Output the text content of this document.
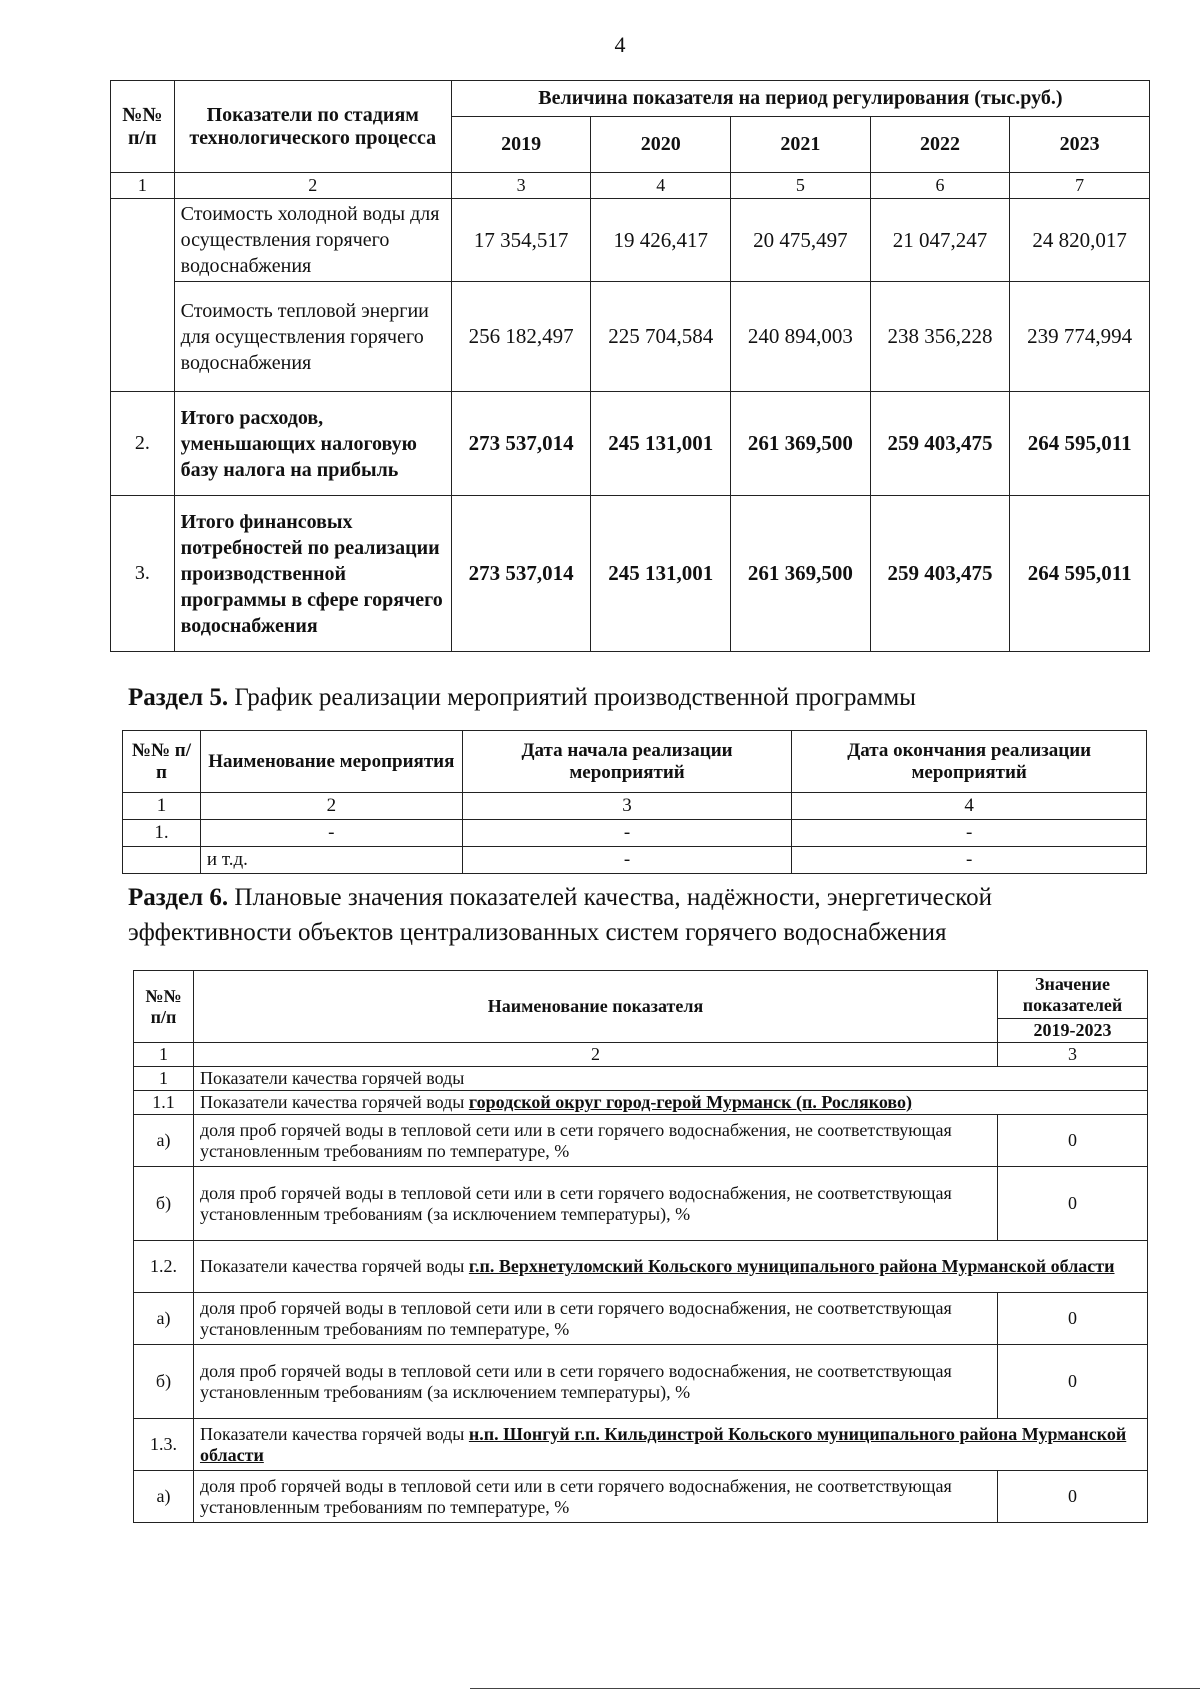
4
№№ п/п	Показатели по стадиям технологического процесса	Величина показателя на период регулирования (тыс.руб.)				
		2019	2020	2021	2022	2023
1	2	3	4	5	6	7
	Стоимость холодной воды для осуществления горячего водоснабжения	17 354,517	19 426,417	20 475,497	21 047,247	24 820,017
	Стоимость тепловой энергии для осуществления горячего водоснабжения	256 182,497	225 704,584	240 894,003	238 356,228	239 774,994
2.	Итого расходов, уменьшающих налоговую базу налога на прибыль	273 537,014	245 131,001	261 369,500	259 403,475	264 595,011
3.	Итого финансовых потребностей по реализации производственной программы в сфере горячего водоснабжения	273 537,014	245 131,001	261 369,500	259 403,475	264 595,011
Раздел 5. График реализации мероприятий производственной программы
№№ п/п	Наименование мероприятия	Дата начала реализации мероприятий	Дата окончания реализации мероприятий
1	2	3	4
1.	-	-	-
	и т.д.	-	-
Раздел 6. Плановые значения показателей качества, надёжности, энергетической эффективности объектов централизованных систем горячего водоснабжения
№№ п/п	Наименование показателя	Значение показателей
		2019-2023
1	2	3
1	Показатели качества горячей воды	
1.1	Показатели качества горячей воды городской округ город-герой Мурманск (п. Росляково)	
а)	доля проб горячей воды в тепловой сети или в сети горячего водоснабжения, не соответствующая установленным требованиям по температуре, %	0
б)	доля проб горячей воды в тепловой сети или в сети горячего водоснабжения, не соответствующая установленным требованиям (за исключением температуры), %	0
1.2.	Показатели качества горячей воды г.п. Верхнетуломский Кольского муниципального района Мурманской области	
а)	доля проб горячей воды в тепловой сети или в сети горячего водоснабжения, не соответствующая установленным требованиям по температуре, %	0
б)	доля проб горячей воды в тепловой сети или в сети горячего водоснабжения, не соответствующая установленным требованиям (за исключением температуры), %	0
1.3.	Показатели качества горячей воды н.п. Шонгуй г.п. Кильдинстрой Кольского муниципального района Мурманской области	
а)	доля проб горячей воды в тепловой сети или в сети горячего водоснабжения, не соответствующая установленным требованиям по температуре, %	0
